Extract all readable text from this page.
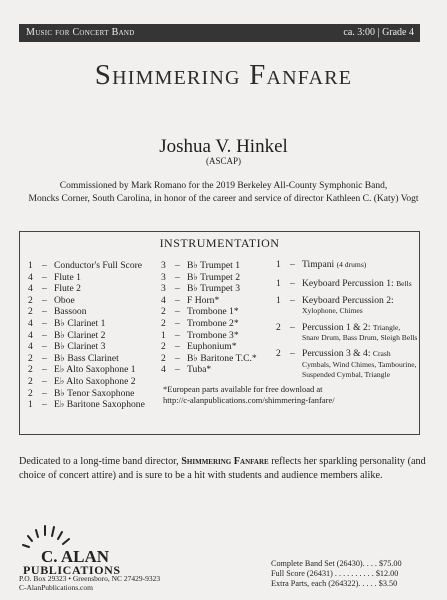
Music for Concert Band	ca. 3:00 | Grade 4
Shimmering Fanfare
Joshua V. Hinkel
(ASCAP)
Commissioned by Mark Romano for the 2019 Berkeley All-County Symphonic Band,
Moncks Corner, South Carolina, in honor of the career and service of director Kathleen C. (Katy) Vogt
INSTRUMENTATION
1 – Conductor's Full Score
4 – Flute 1
4 – Flute 2
2 – Oboe
2 – Bassoon
4 – B♭ Clarinet 1
4 – B♭ Clarinet 2
4 – B♭ Clarinet 3
2 – B♭ Bass Clarinet
2 – E♭ Alto Saxophone 1
2 – E♭ Alto Saxophone 2
2 – B♭ Tenor Saxophone
1 – E♭ Baritone Saxophone
3 – B♭ Trumpet 1
3 – B♭ Trumpet 2
3 – B♭ Trumpet 3
4 – F Horn*
2 – Trombone 1*
2 – Trombone 2*
1 – Trombone 3*
2 – Euphonium*
2 – B♭ Baritone T.C.*
4 – Tuba*
1 – Timpani (4 drums)
1 – Keyboard Percussion 1: Bells
1 – Keyboard Percussion 2: Xylophone, Chimes
2 – Percussion 1 & 2: Triangle, Snare Drum, Bass Drum, Sleigh Bells
2 – Percussion 3 & 4: Crash Cymbals, Wind Chimes, Tambourine, Suspended Cymbal, Triangle
*European parts available for free download at
http://c-alanpublications.com/shimmering-fanfare/
Dedicated to a long-time band director, Shimmering Fanfare reflects her sparkling personality (and choice of concert attire) and is sure to be a hit with students and audience members alike.
C. ALAN
PUBLICATIONS
P.O. Box 29323 • Greensboro, NC 27429-9323
C-AlanPublications.com
Complete Band Set (26430). . . . $75.00
Full Score (26431) . . . . . . . . . . $12.00
Extra Parts, each (264322). . . . . $3.50
